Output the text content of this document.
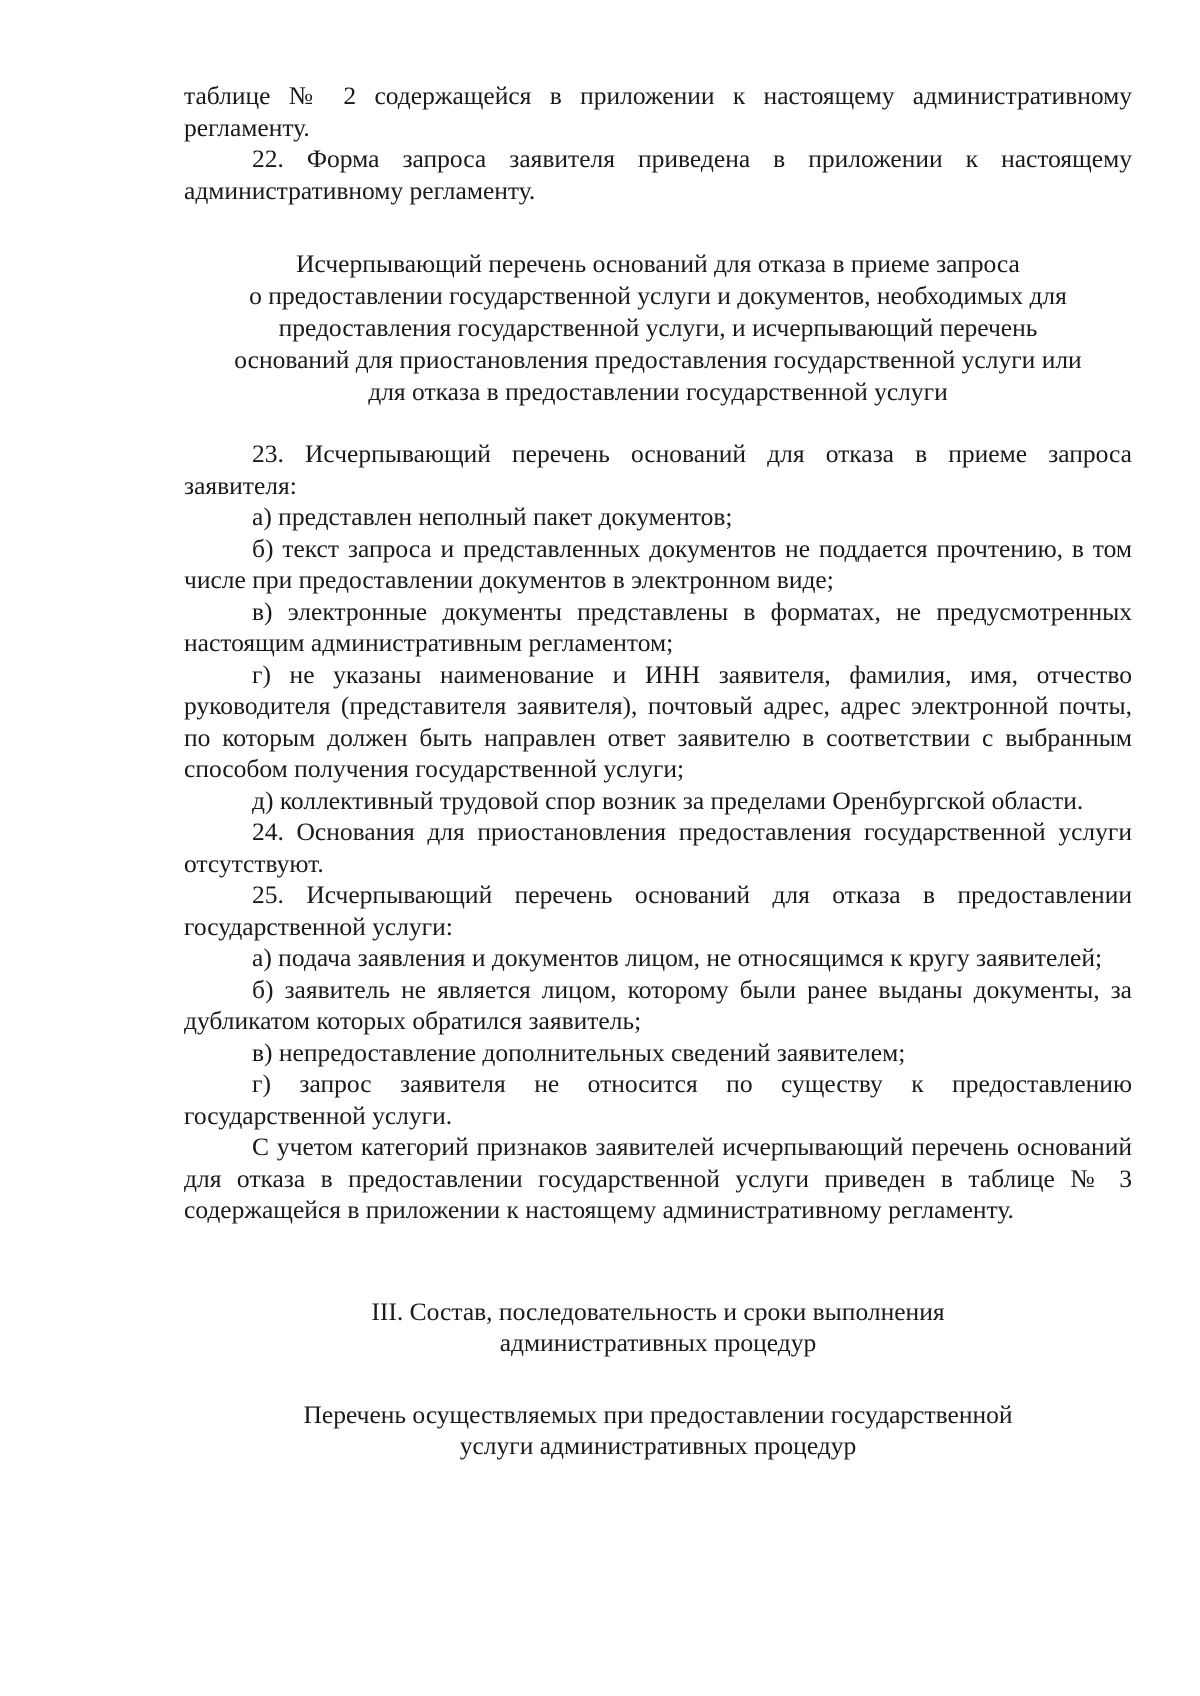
таблице № 2 содержащейся в приложении к настоящему административному регламенту.

22. Форма запроса заявителя приведена в приложении к настоящему административному регламенту.

Исчерпывающий перечень оснований для отказа в приеме запроса

о предоставлении государственной услуги и документов, необходимых для

предоставления государственной услуги, и исчерпывающий перечень

оснований для приостановления предоставления государственной услуги или

для отказа в предоставлении государственной услуги

23. Исчерпывающий перечень оснований для отказа в приеме запроса заявителя:

а) представлен неполный пакет документов;

б) текст запроса и представленных документов не поддается прочтению, в том числе при предоставлении документов в электронном виде;

в) электронные документы представлены в форматах, не предусмотренных настоящим административным регламентом;

г) не указаны наименование и ИНН заявителя, фамилия, имя, отчество руководителя (представителя заявителя), почтовый адрес, адрес электронной почты, по которым должен быть направлен ответ заявителю в соответствии с выбранным способом получения государственной услуги;

д) коллективный трудовой спор возник за пределами Оренбургской области.

24. Основания для приостановления предоставления государственной услуги отсутствуют.

25. Исчерпывающий перечень оснований для отказа в предоставлении государственной услуги:

а) подача заявления и документов лицом, не относящимся к кругу заявителей;

б) заявитель не является лицом, которому были ранее выданы документы, за дубликатом которых обратился заявитель;

в) непредоставление дополнительных сведений заявителем;

г) запрос заявителя не относится по существу к предоставлению государственной услуги.

С учетом категорий признаков заявителей исчерпывающий перечень оснований для отказа в предоставлении государственной услуги приведен в таблице № 3 содержащейся в приложении к настоящему административному регламенту.

III. Состав, последовательность и сроки выполнения
административных процедур
Перечень осуществляемых при предоставлении государственной
услуги административных процедур
